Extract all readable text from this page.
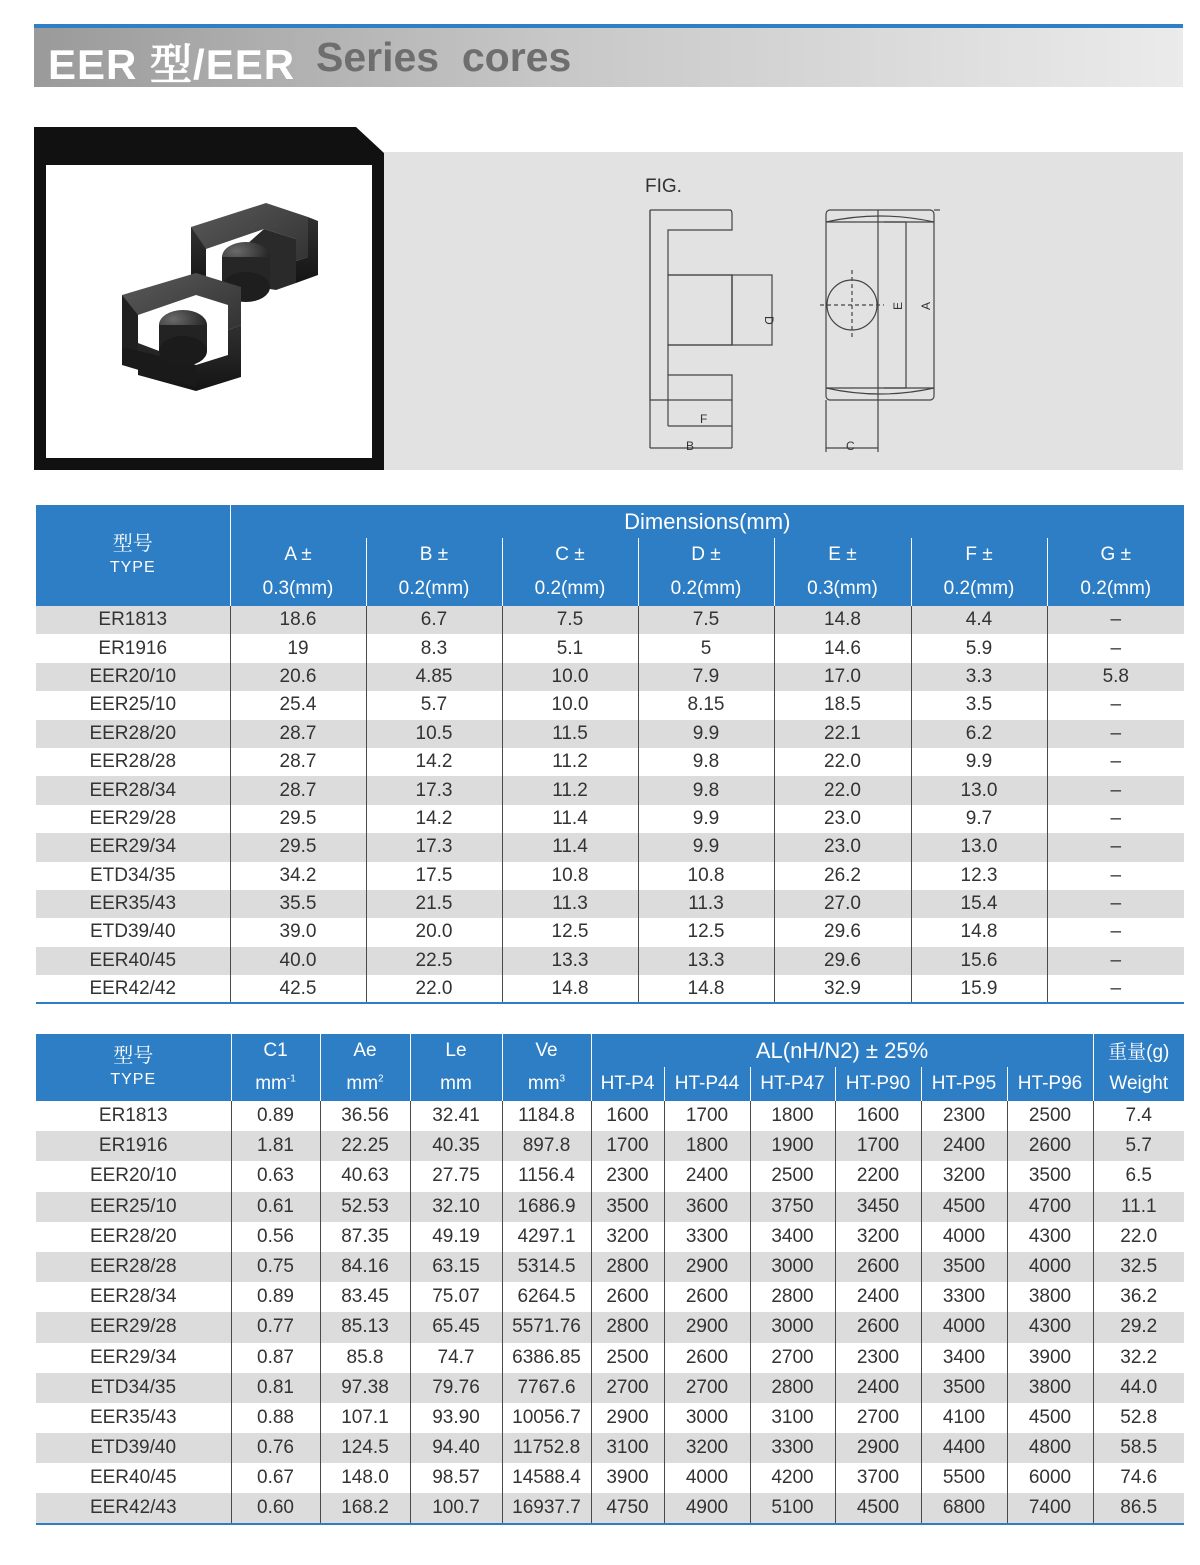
EER 型/EER Series  cores
FIG.
F
B	C
D
E A
型号
TYPE	Dimensions(mm)						
	A ±	B ±	C ±	D ±	E ±	F ±	G ±
	0.3(mm)	0.2(mm)	0.2(mm)	0.2(mm)	0.3(mm)	0.2(mm)	0.2(mm)
ER1813	18.6	6.7	7.5	7.5	14.8	4.4	–
ER1916	19	8.3	5.1	5	14.6	5.9	–
EER20/10	20.6	4.85	10.0	7.9	17.0	3.3	5.8
EER25/10	25.4	5.7	10.0	8.15	18.5	3.5	–
EER28/20	28.7	10.5	11.5	9.9	22.1	6.2	–
EER28/28	28.7	14.2	11.2	9.8	22.0	9.9	–
EER28/34	28.7	17.3	11.2	9.8	22.0	13.0	–
EER29/28	29.5	14.2	11.4	9.9	23.0	9.7	–
EER29/34	29.5	17.3	11.4	9.9	23.0	13.0	–
ETD34/35	34.2	17.5	10.8	10.8	26.2	12.3	–
EER35/43	35.5	21.5	11.3	11.3	27.0	15.4	–
ETD39/40	39.0	20.0	12.5	12.5	29.6	14.8	–
EER40/45	40.0	22.5	13.3	13.3	29.6	15.6	–
EER42/42	42.5	22.0	14.8	14.8	32.9	15.9	–
型号
TYPE	C1	Ae	Le	Ve	AL(nH/N2) ± 25%						重量(g)
	$mm^{-1}$	$mm^2$	mm	$mm^3$	HT-P4	HT-P44	HT-P47	HT-P90	HT-P95	HT-P96	Weight
ER1813	0.89	36.56	32.41	1184.8	1600	1700	1800	1600	2300	2500	7.4
ER1916	1.81	22.25	40.35	897.8	1700	1800	1900	1700	2400	2600	5.7
EER20/10	0.63	40.63	27.75	1156.4	2300	2400	2500	2200	3200	3500	6.5
EER25/10	0.61	52.53	32.10	1686.9	3500	3600	3750	3450	4500	4700	11.1
EER28/20	0.56	87.35	49.19	4297.1	3200	3300	3400	3200	4000	4300	22.0
EER28/28	0.75	84.16	63.15	5314.5	2800	2900	3000	2600	3500	4000	32.5
EER28/34	0.89	83.45	75.07	6264.5	2600	2600	2800	2400	3300	3800	36.2
EER29/28	0.77	85.13	65.45	5571.76	2800	2900	3000	2600	4000	4300	29.2
EER29/34	0.87	85.8	74.7	6386.85	2500	2600	2700	2300	3400	3900	32.2
ETD34/35	0.81	97.38	79.76	7767.6	2700	2700	2800	2400	3500	3800	44.0
EER35/43	0.88	107.1	93.90	10056.7	2900	3000	3100	2700	4100	4500	52.8
ETD39/40	0.76	124.5	94.40	11752.8	3100	3200	3300	2900	4400	4800	58.5
EER40/45	0.67	148.0	98.57	14588.4	3900	4000	4200	3700	5500	6000	74.6
EER42/43	0.60	168.2	100.7	16937.7	4750	4900	5100	4500	6800	7400	86.5
